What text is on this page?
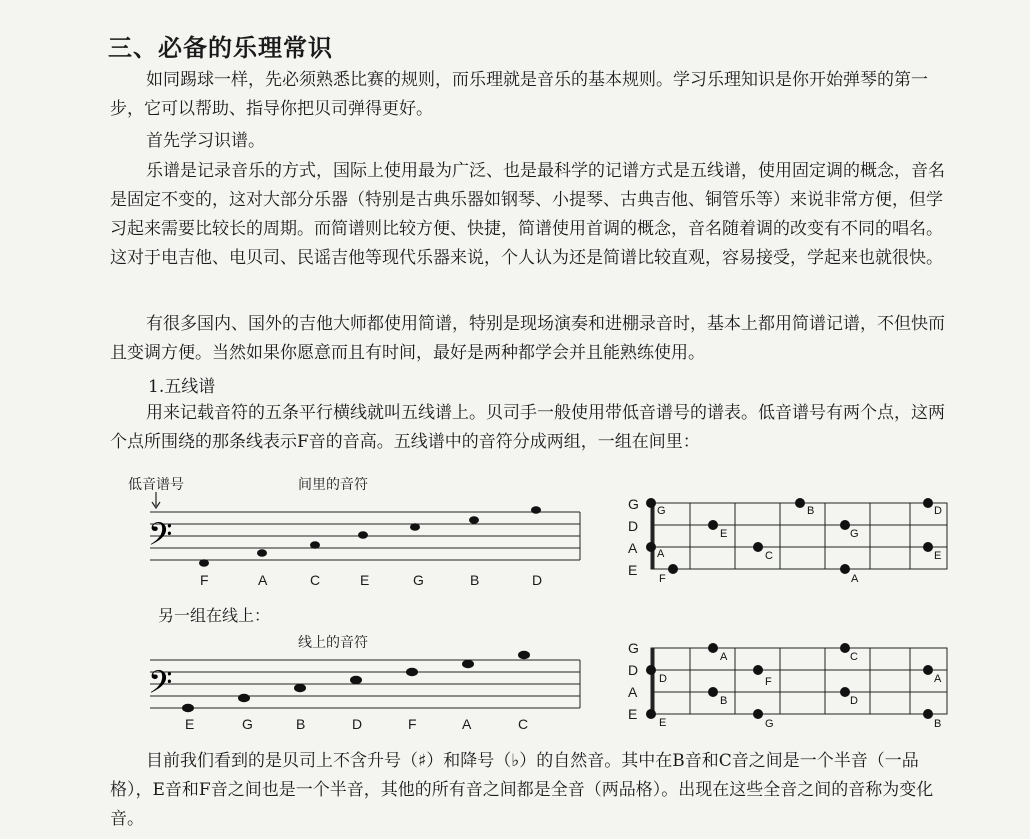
三、必备的乐理常识
如同踢球一样，先必须熟悉比赛的规则，而乐理就是音乐的基本规则。学习乐理知识是你开始弹琴的第一步，它可以帮助、指导你把贝司弹得更好。
首先学习识谱。
乐谱是记录音乐的方式，国际上使用最为广泛、也是最科学的记谱方式是五线谱，使用固定调的概念，音名是固定不变的，这对大部分乐器（特别是古典乐器如钢琴、小提琴、古典吉他、铜管乐等）来说非常方便，但学习起来需要比较长的周期。而简谱则比较方便、快捷，简谱使用首调的概念，音名随着调的改变有不同的唱名。这对于电吉他、电贝司、民谣吉他等现代乐器来说，个人认为还是简谱比较直观，容易接受，学起来也就很快。
有很多国内、国外的吉他大师都使用简谱，特别是现场演奏和进棚录音时，基本上都用简谱记谱，不但快而且变调方便。当然如果你愿意而且有时间，最好是两种都学会并且能熟练使用。
1.五线谱
用来记载音符的五条平行横线就叫五线谱上。贝司手一般使用带低音谱号的谱表。低音谱号有两个点，这两个点所围绕的那条线表示F音的音高。五线谱中的音符分成两组，一组在间里：
低音谱号	间里的音符
𝄢
F	A	C	E	G	B	D
G
D
A
E
G	B	D
E	G
A	C	E
F	A
另一组在线上：
线上的音符
𝄢
E	G	B	D	F	A	C
G
D
A
E
A	C
D	F	A
B	D
E	G	B
目前我们看到的是贝司上不含升号（♯）和降号（♭）的自然音。其中在B音和C音之间是一个半音（一品格），E音和F音之间也是一个半音，其他的所有音之间都是全音（两品格）。出现在这些全音之间的音称为变化音。
